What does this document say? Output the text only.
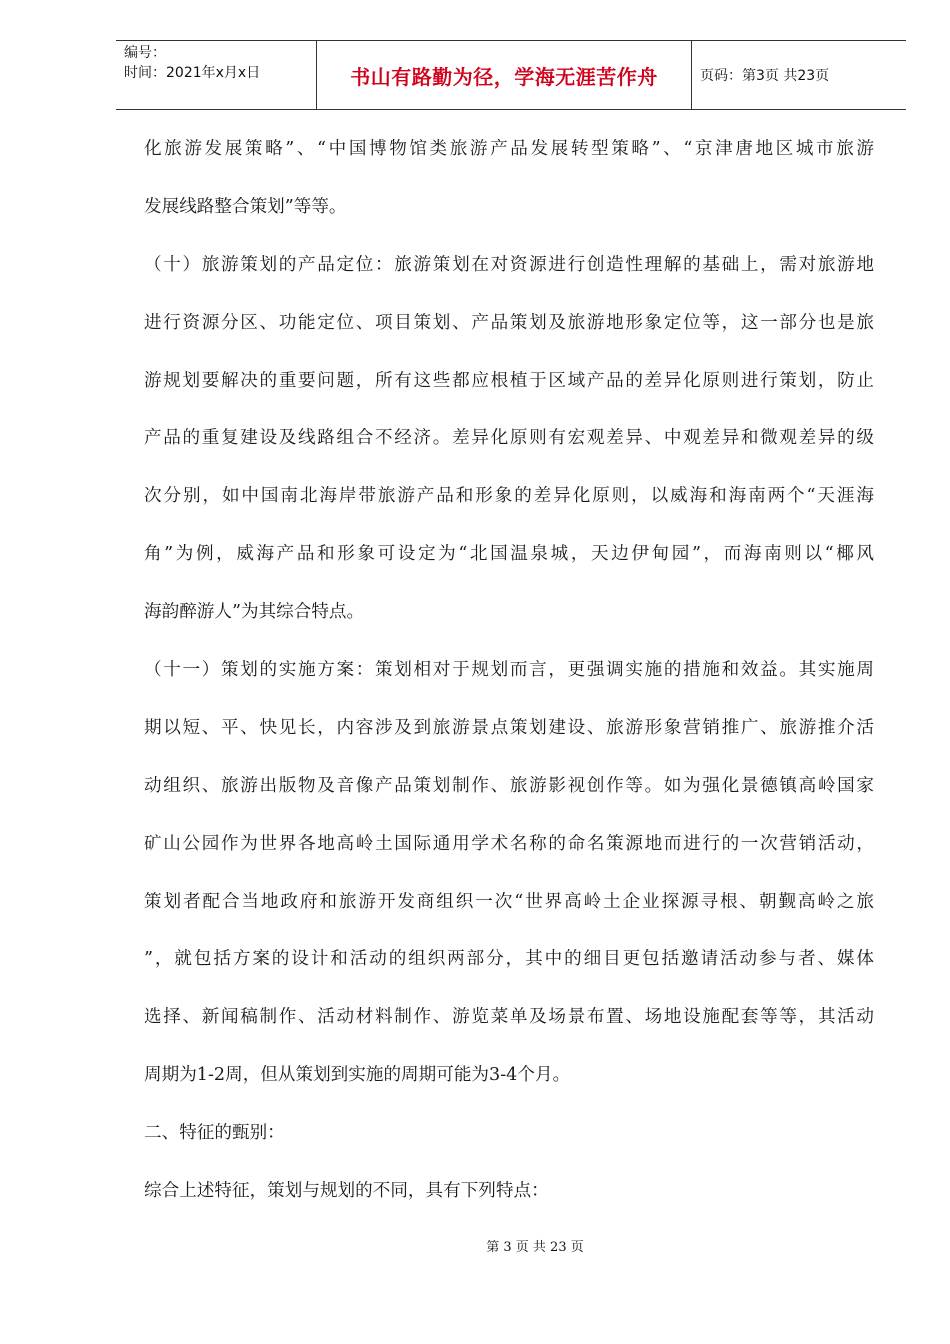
编号：
时间：2021年x月x日	书山有路勤为径，学海无涯苦作舟	页码：第3页 共23页
化旅游发展策略”、“中国博物馆类旅游产品发展转型策略”、“京津唐地区城市旅游
发展线路整合策划”等等。
（十）旅游策划的产品定位：旅游策划在对资源进行创造性理解的基础上，需对旅游地
进行资源分区、功能定位、项目策划、产品策划及旅游地形象定位等，这一部分也是旅
游规划要解决的重要问题，所有这些都应根植于区域产品的差异化原则进行策划，防止
产品的重复建设及线路组合不经济。差异化原则有宏观差异、中观差异和微观差异的级
次分别，如中国南北海岸带旅游产品和形象的差异化原则，以威海和海南两个“天涯海
角”为例，威海产品和形象可设定为“北国温泉城，天边伊甸园”，而海南则以“椰风
海韵醉游人”为其综合特点。
（十一）策划的实施方案：策划相对于规划而言，更强调实施的措施和效益。其实施周
期以短、平、快见长，内容涉及到旅游景点策划建设、旅游形象营销推广、旅游推介活
动组织、旅游出版物及音像产品策划制作、旅游影视创作等。如为强化景德镇高岭国家
矿山公园作为世界各地高岭土国际通用学术名称的命名策源地而进行的一次营销活动，
策划者配合当地政府和旅游开发商组织一次“世界高岭土企业探源寻根、朝觐高岭之旅
”，就包括方案的设计和活动的组织两部分，其中的细目更包括邀请活动参与者、媒体
选择、新闻稿制作、活动材料制作、游览菜单及场景布置、场地设施配套等等，其活动
周期为1-2周，但从策划到实施的周期可能为3-4个月。
二、特征的甄别：
综合上述特征，策划与规划的不同，具有下列特点：
第 3 页 共 23 页
